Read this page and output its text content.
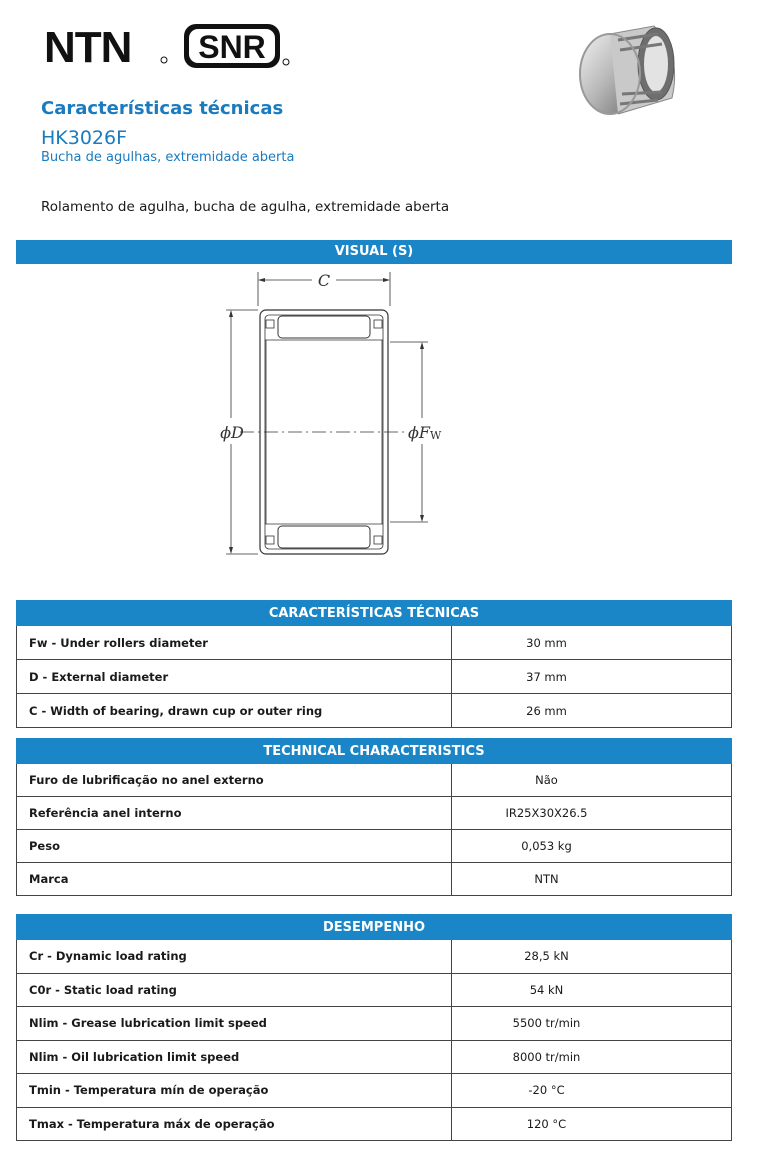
NTN SNR
Características técnicas
HK3026F
Bucha de agulhas, extremidade aberta
Rolamento de agulha, bucha de agulha, extremidade aberta
VISUAL (S)
C
ϕD	ϕFW
CARACTERÍSTICAS TÉCNICAS	
Fw - Under rollers diameter	30 mm
D - External diameter	37 mm
C - Width of bearing, drawn cup or outer ring	26 mm
TECHNICAL CHARACTERISTICS	
Furo de lubrificação no anel externo	Não
Referência anel interno	IR25X30X26.5
Peso	0,053 kg
Marca	NTN
DESEMPENHO	
Cr - Dynamic load rating	28,5 kN
C0r - Static load rating	54 kN
Nlim - Grease lubrication limit speed	5500 tr/min
Nlim - Oil lubrication limit speed	8000 tr/min
Tmin - Temperatura mín de operação	-20 °C
Tmax - Temperatura máx de operação	120 °C
